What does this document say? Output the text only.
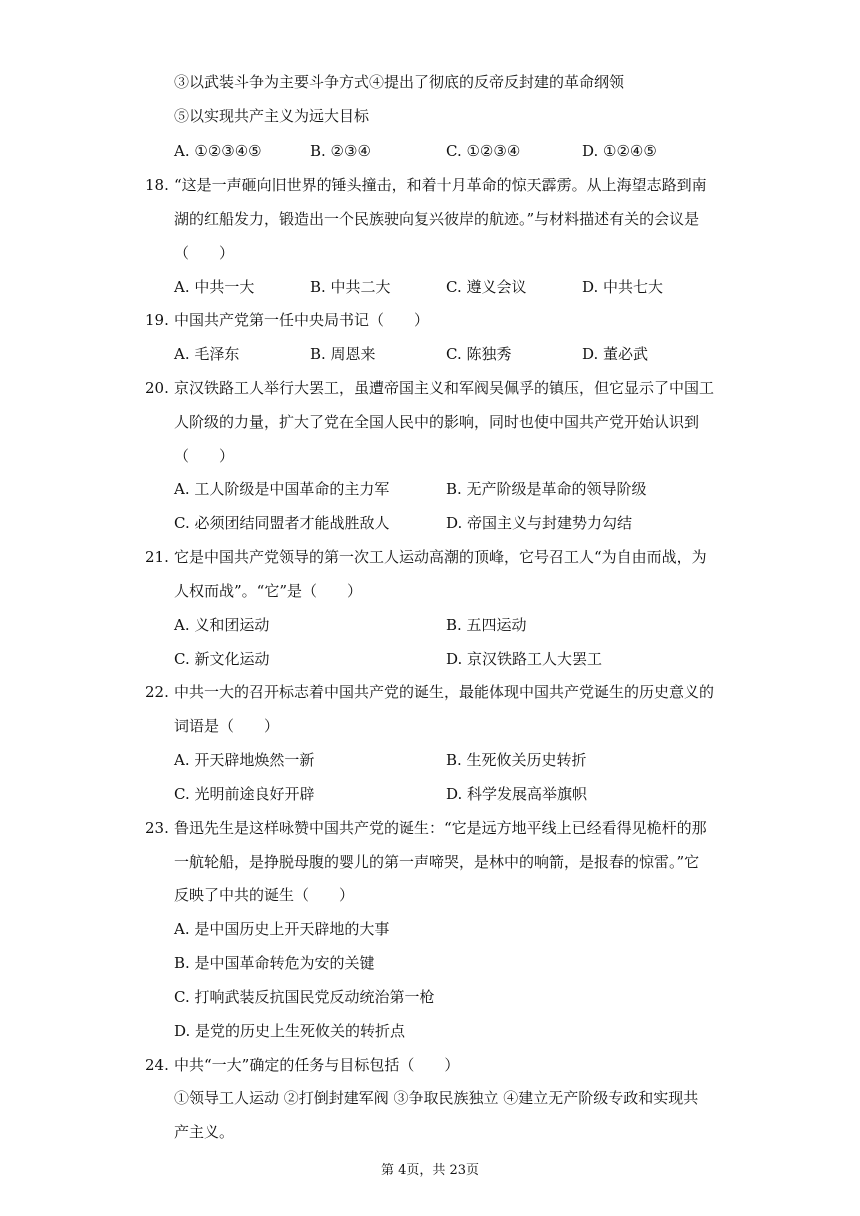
③以武装斗争为主要斗争方式④提出了彻底的反帝反封建的革命纲领
⑤以实现共产主义为远大目标
A. ①②③④⑤	B. ②③④	C. ①②③④	D. ①②④⑤
18. “这是一声砸向旧世界的锤头撞击，和着十月革命的惊天霹雳。从上海望志路到南
湖的红船发力，锻造出一个民族驶向复兴彼岸的航迹。”与材料描述有关的会议是
（　　）
A. 中共一大	B. 中共二大	C. 遵义会议	D. 中共七大
19. 中国共产党第一任中央局书记（　　）
A. 毛泽东	B. 周恩来	C. 陈独秀	D. 董必武
20. 京汉铁路工人举行大罢工，虽遭帝国主义和军阀吴佩孚的镇压，但它显示了中国工
人阶级的力量，扩大了党在全国人民中的影响，同时也使中国共产党开始认识到
（　　）
A. 工人阶级是中国革命的主力军	B. 无产阶级是革命的领导阶级
C. 必须团结同盟者才能战胜敌人	D. 帝国主义与封建势力勾结
21. 它是中国共产党领导的第一次工人运动高潮的顶峰，它号召工人“为自由而战，为
人权而战”。“它”是（　　）
A. 义和团运动	B. 五四运动
C. 新文化运动	D. 京汉铁路工人大罢工
22. 中共一大的召开标志着中国共产党的诞生，最能体现中国共产党诞生的历史意义的
词语是（　　）
A. 开天辟地焕然一新	B. 生死攸关历史转折
C. 光明前途良好开辟	D. 科学发展高举旗帜
23. 鲁迅先生是这样咏赞中国共产党的诞生：“它是远方地平线上已经看得见桅杆的那
一航轮船，是挣脱母腹的婴儿的第一声啼哭，是林中的响箭，是报春的惊雷。”它
反映了中共的诞生（　　）
A. 是中国历史上开天辟地的大事
B. 是中国革命转危为安的关键
C. 打响武装反抗国民党反动统治第一枪
D. 是党的历史上生死攸关的转折点
24. 中共“一大”确定的任务与目标包括（　　）
①领导工人运动 ②打倒封建军阀 ③争取民族独立 ④建立无产阶级专政和实现共
产主义。
第 4页，共 23页
